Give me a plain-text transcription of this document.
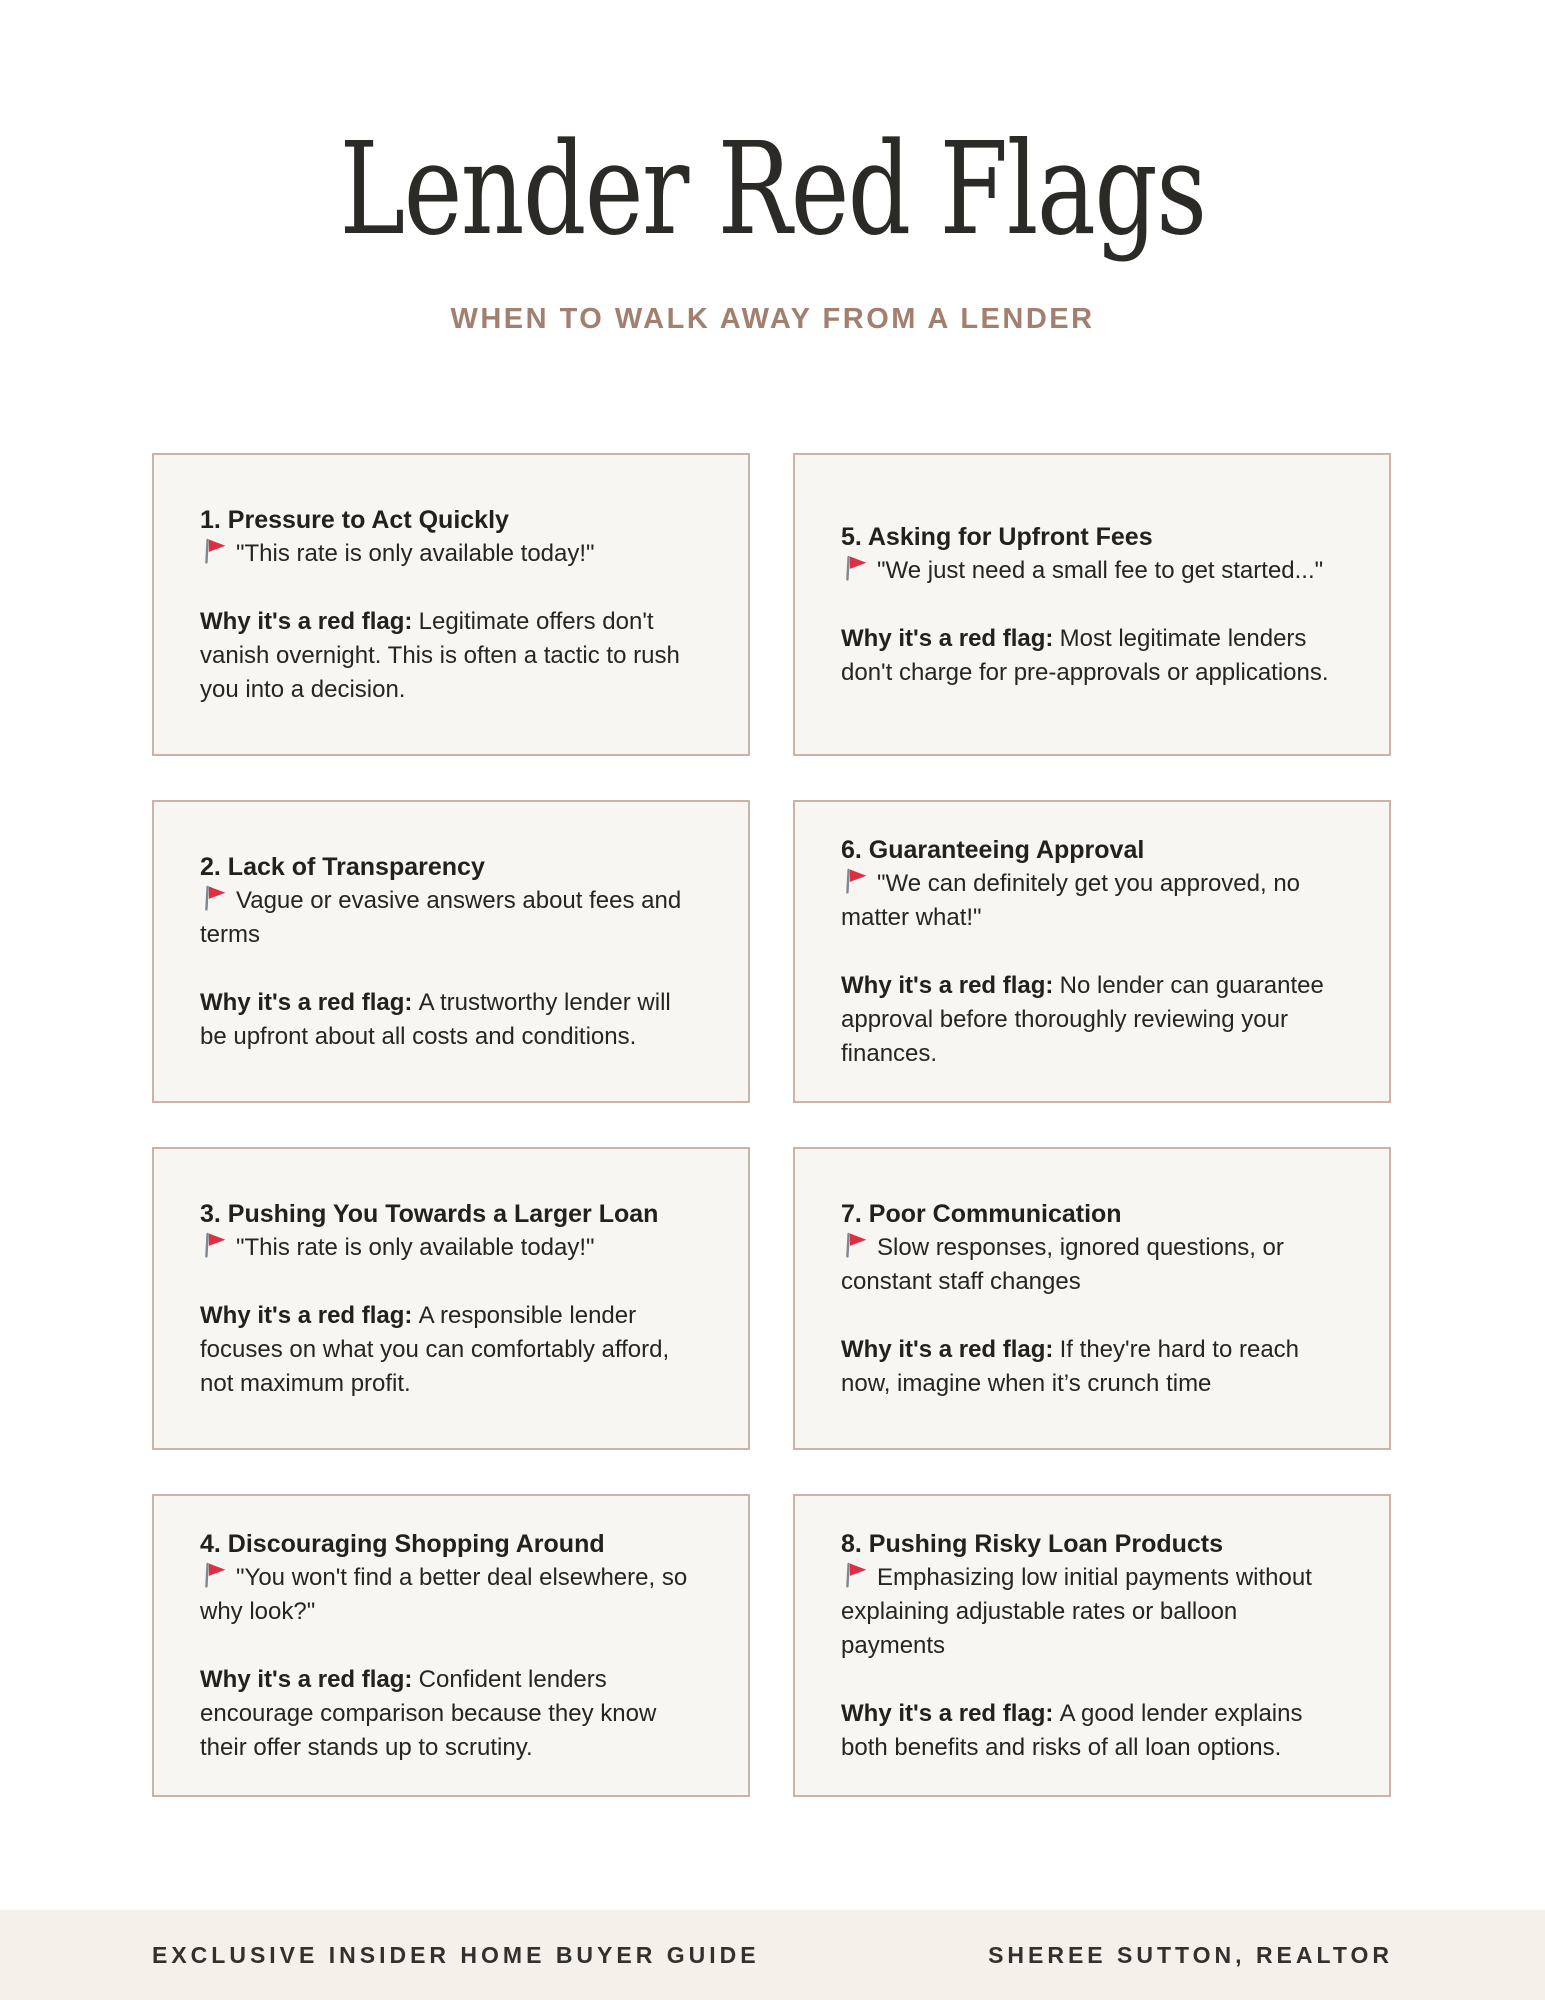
Lender Red Flags
WHEN TO WALK AWAY FROM A LENDER
1. Pressure to Act Quickly
"This rate is only available today!"
Why it's a red flag: Legitimate offers don't vanish overnight. This is often a tactic to rush you into a decision.
2. Lack of Transparency
Vague or evasive answers about fees and terms
Why it's a red flag: A trustworthy lender will be upfront about all costs and conditions.
3. Pushing You Towards a Larger Loan
"This rate is only available today!"
Why it's a red flag: A responsible lender focuses on what you can comfortably afford, not maximum profit.
4. Discouraging Shopping Around
"You won't find a better deal elsewhere, so why look?"
Why it's a red flag: Confident lenders encourage comparison because they know their offer stands up to scrutiny.
5. Asking for Upfront Fees
"We just need a small fee to get started..."
Why it's a red flag: Most legitimate lenders don't charge for pre-approvals or applications.
6. Guaranteeing Approval
"We can definitely get you approved, no matter what!"
Why it's a red flag: No lender can guarantee approval before thoroughly reviewing your finances.
7. Poor Communication
Slow responses, ignored questions, or constant staff changes
Why it's a red flag: If they're hard to reach now, imagine when it’s crunch time
8. Pushing Risky Loan Products
Emphasizing low initial payments without explaining adjustable rates or balloon payments
Why it's a red flag: A good lender explains both benefits and risks of all loan options.
EXCLUSIVE INSIDER HOME BUYER GUIDE	SHEREE SUTTON, REALTOR
